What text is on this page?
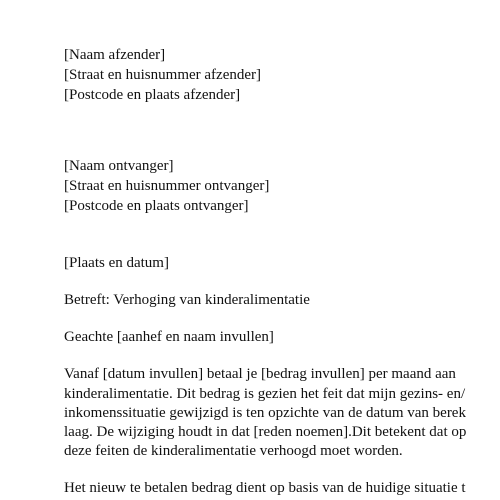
[Naam afzender]
[Straat en huisnummer afzender]
[Postcode en plaats afzender]
[Naam ontvanger]
[Straat en huisnummer ontvanger]
[Postcode en plaats ontvanger]
[Plaats en datum]
Betreft: Verhoging van kinderalimentatie
Geachte [aanhef en naam invullen]
Vanaf [datum invullen] betaal je [bedrag invullen] per maand aan
kinderalimentatie. Dit bedrag is gezien het feit dat mijn gezins- en/
inkomenssituatie gewijzigd is ten opzichte van de datum van berek
laag. De wijziging houdt in dat [reden noemen].Dit betekent dat op
deze feiten de kinderalimentatie verhoogd moet worden.
Het nieuw te betalen bedrag dient op basis van de huidige situatie t
